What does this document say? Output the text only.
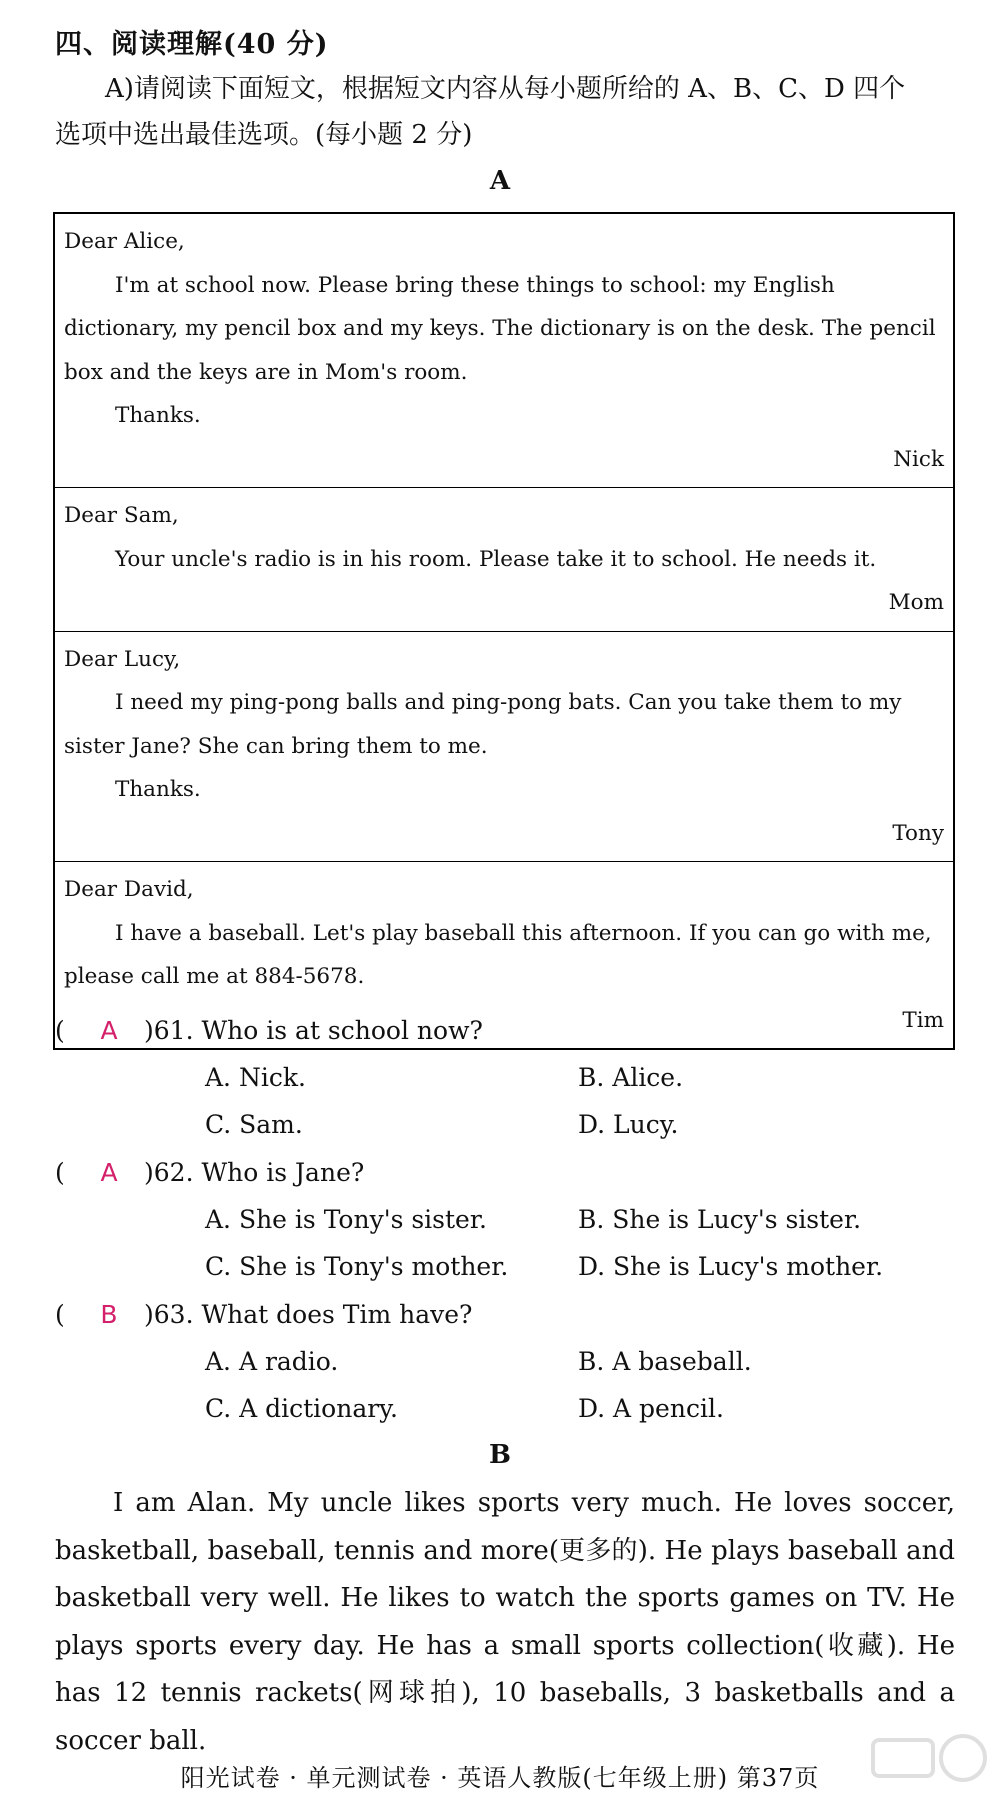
四、阅读理解(40 分)
A)请阅读下面短文，根据短文内容从每小题所给的 A、B、C、D 四个
选项中选出最佳选项。(每小题 2 分)
A
Dear Alice,
I'm at school now. Please bring these things to school: my English dictionary, my pencil box and my keys. The dictionary is on the desk. The pencil box and the keys are in Mom's room.
Thanks.
Nick
Dear Sam,
Your uncle's radio is in his room. Please take it to school. He needs it.
Mom
Dear Lucy,
I need my ping-pong balls and ping-pong bats. Can you take them to my sister Jane? She can bring them to me.
Thanks.
Tony
Dear David,
I have a baseball. Let's play baseball this afternoon. If you can go with me, please call me at 884-5678.
Tim
( A )61. Who is at school now?
A. Nick.	B. Alice.
C. Sam.	D. Lucy.
( A )62. Who is Jane?
A. She is Tony's sister.	B. She is Lucy's sister.
C. She is Tony's mother.	D. She is Lucy's mother.
( B )63. What does Tim have?
A. A radio.	B. A baseball.
C. A dictionary.	D. A pencil.
B

I am Alan. My uncle likes sports very much. He loves soccer, basketball, baseball, tennis and more(更多的). He plays baseball and basketball very well. He likes to watch the sports games on TV. He plays sports every day. He has a small sports collection(收藏). He has 12 tennis rackets(网球拍), 10 baseballs, 3 basketballs and a soccer ball.

阳光试卷 · 单元测试卷 · 英语人教版(七年级上册) 第37页
